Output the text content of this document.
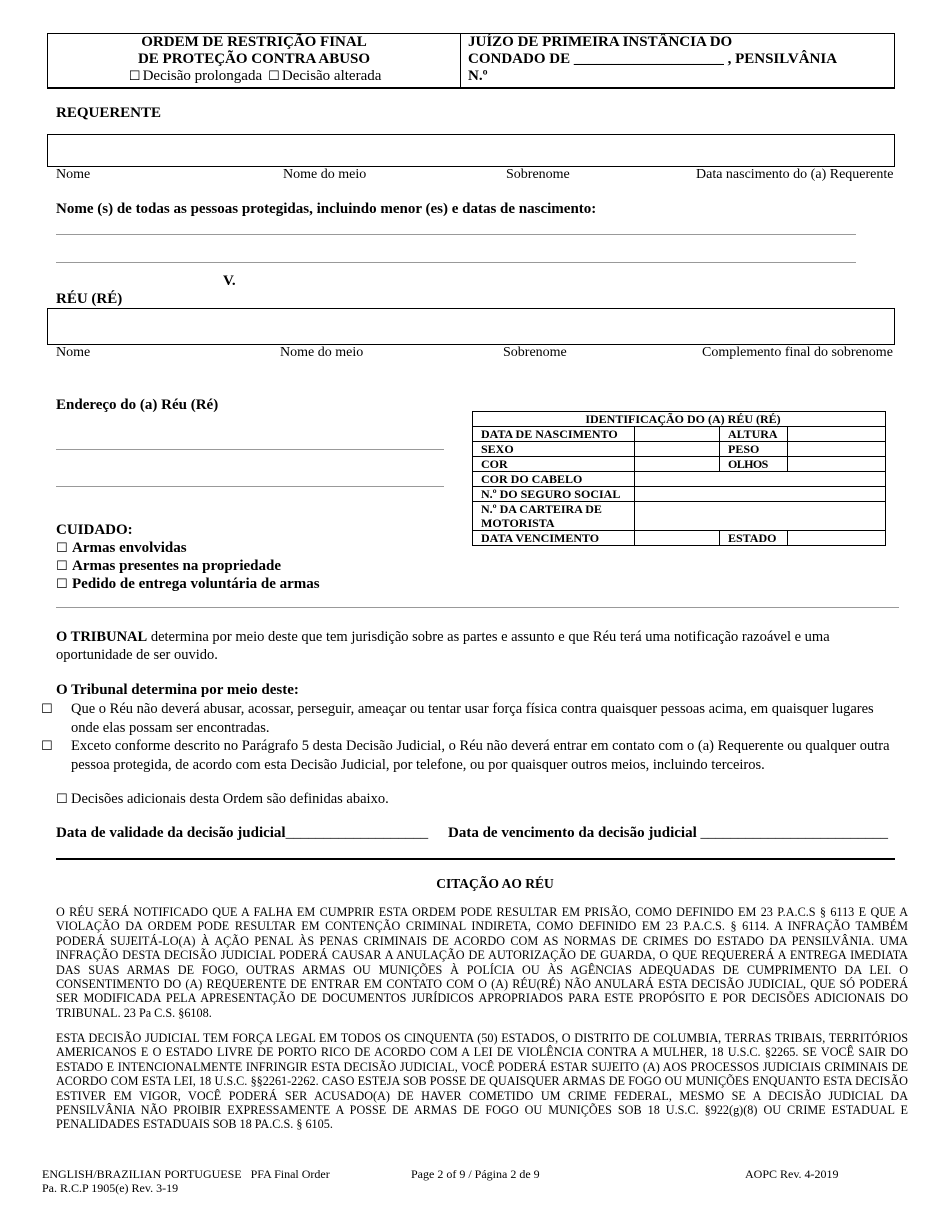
ORDEM DE RESTRIÇÃO FINAL
DE PROTEÇÃO CONTRA ABUSO
☐ Decisão prolongada ☐ Decisão alterada
JUÍZO DE PRIMEIRA INSTÂNCIA DO
CONDADO DE ____________________ , PENSILVÂNIA
N.º
REQUERENTE
Nome	Nome do meio	Sobrenome	Data nascimento do (a) Requerente
Nome (s) de todas as pessoas protegidas, incluindo menor (es) e datas de nascimento:
V.
RÉU (RÉ)
Nome	Nome do meio	Sobrenome	Complemento final do sobrenome
Endereço do (a) Réu (Ré)
IDENTIFICAÇÃO DO (A) RÉU (RÉ)			
DATA DE NASCIMENTO		ALTURA	
SEXO		PESO	
COR		OLHOS	
COR DO CABELO			
N.º DO SEGURO SOCIAL			
N.º DA CARTEIRA DE
MOTORISTA			
DATA VENCIMENTO		ESTADO	
CUIDADO:
☐ Armas envolvidas
☐ Armas presentes na propriedade
☐ Pedido de entrega voluntária de armas
O TRIBUNAL determina por meio deste que tem jurisdição sobre as partes e assunto e que Réu terá uma notificação razoável e uma oportunidade de ser ouvido.
O Tribunal determina por meio deste:
☐ Que o Réu não deverá abusar, acossar, perseguir, ameaçar ou tentar usar força física contra quaisquer pessoas acima, em quaisquer lugares onde elas possam ser encontradas.
☐ Exceto conforme descrito no Parágrafo 5 desta Decisão Judicial, o Réu não deverá entrar em contato com o (a) Requerente ou qualquer outra pessoa protegida, de acordo com esta Decisão Judicial, por telefone, ou por quaisquer outros meios, incluindo terceiros.
☐ Decisões adicionais desta Ordem são definidas abaixo.
Data de validade da decisão judicial___________________ Data de vencimento da decisão judicial _________________________
CITAÇÃO AO RÉU
O RÉU SERÁ NOTIFICADO QUE A FALHA EM CUMPRIR ESTA ORDEM PODE RESULTAR EM PRISÃO, COMO DEFINIDO EM 23 P.A.C.S § 6113 E QUE A VIOLAÇÃO DA ORDEM PODE RESULTAR EM CONTENÇÃO CRIMINAL INDIRETA, COMO DEFINIDO EM 23 P.A.C.S. § 6114. A INFRAÇÃO TAMBÉM PODERÁ SUJEITÁ-LO(A) À AÇÃO PENAL ÀS PENAS CRIMINAIS DE ACORDO COM AS NORMAS DE CRIMES DO ESTADO DA PENSILVÂNIA. UMA INFRAÇÃO DESTA DECISÃO JUDICIAL PODERÁ CAUSAR A ANULAÇÃO DE AUTORIZAÇÃO DE GUARDA, O QUE REQUERERÁ A ENTREGA IMEDIATA DAS SUAS ARMAS DE FOGO, OUTRAS ARMAS OU MUNIÇÕES À POLÍCIA OU ÀS AGÊNCIAS ADEQUADAS DE CUMPRIMENTO DA LEI. O CONSENTIMENTO DO (A) REQUERENTE DE ENTRAR EM CONTATO COM O (A) RÉU(RÉ) NÃO ANULARÁ ESTA DECISÃO JUDICIAL, QUE SÓ PODERÁ SER MODIFICADA PELA APRESENTAÇÃO DE DOCUMENTOS JURÍDICOS APROPRIADOS PARA ESTE PROPÓSITO E POR DECISÕES ADICIONAIS DO TRIBUNAL. 23 Pa C.S. §6108.
ESTA DECISÃO JUDICIAL TEM FORÇA LEGAL EM TODOS OS CINQUENTA (50) ESTADOS, O DISTRITO DE COLUMBIA, TERRAS TRIBAIS, TERRITÓRIOS AMERICANOS E O ESTADO LIVRE DE PORTO RICO DE ACORDO COM A LEI DE VIOLÊNCIA CONTRA A MULHER, 18 U.S.C. §2265. SE VOCÊ SAIR DO ESTADO E INTENCIONALMENTE INFRINGIR ESTA DECISÃO JUDICIAL, VOCÊ PODERÁ ESTAR SUJEITO (A) AOS PROCESSOS JUDICIAIS CRIMINAIS DE ACORDO COM ESTA LEI, 18 U.S.C. §§2261-2262. CASO ESTEJA SOB POSSE DE QUAISQUER ARMAS DE FOGO OU MUNIÇÕES ENQUANTO ESTA DECISÃO ESTIVER EM VIGOR, VOCÊ PODERÁ SER ACUSADO(A) DE HAVER COMETIDO UM CRIME FEDERAL, MESMO SE A DECISÃO JUDICIAL DA PENSILVÂNIA NÃO PROIBIR EXPRESSAMENTE A POSSE DE ARMAS DE FOGO OU MUNIÇÕES SOB 18 U.S.C. §922(g)(8) OU CRIME ESTADUAL E PENALIDADES ESTADUAIS SOB 18 PA.C.S. § 6105.
ENGLISH/BRAZILIAN PORTUGUESE PFA Final Order
Pa. R.C.P 1905(e) Rev. 3-19
Page 2 of 9 / Página 2 de 9	AOPC Rev. 4-2019
